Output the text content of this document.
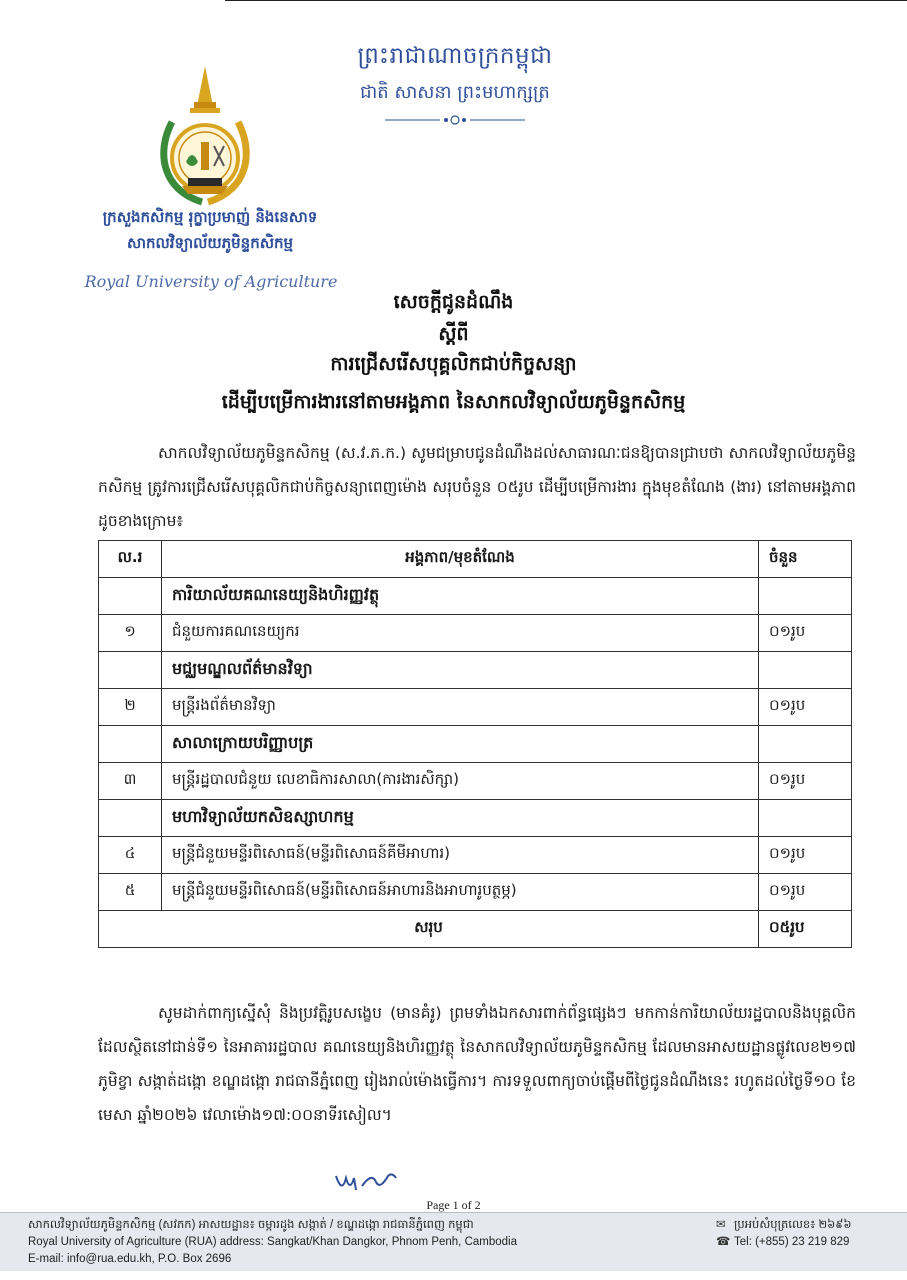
ព្រះរាជាណាចក្រកម្ពុជា
ជាតិ សាសនា ព្រះមហាក្សត្រ
ក្រសួងកសិកម្ម រុក្ខាប្រមាញ់ និងនេសាទ
សាកលវិទ្យាល័យភូមិន្ទកសិកម្ម
Royal University of Agriculture
សេចក្តីជូនដំណឹង
ស្តីពី
ការជ្រើសរើសបុគ្គលិកជាប់កិច្ចសន្យា
ដើម្បីបម្រើការងារនៅតាមអង្គភាព នៃសាកលវិទ្យាល័យភូមិន្ទកសិកម្ម
សាកលវិទ្យាល័យភូមិន្ទកសិកម្ម (ស.វ.ភ.ក.) សូមជម្រាបជូនដំណឹងដល់សាធារណៈជនឱ្យបានជ្រាបថា សាកលវិទ្យាល័យភូមិន្ទកសិកម្ម ត្រូវការជ្រើសរើសបុគ្គលិកជាប់កិច្ចសន្យាពេញម៉ោង សរុបចំនួន ០៥រូប ដើម្បីបម្រើការងារ ក្នុងមុខតំណែង (ងារ) នៅតាមអង្គភាពដូចខាងក្រោម៖
ល.រ	អង្គភាព/មុខតំណែង	ចំនួន
	ការិយាល័យគណនេយ្យនិងហិរញ្ញវត្ថុ	
១	ជំនួយការគណនេយ្យករ	០១រូប
	មជ្ឈមណ្ឌលព័ត៌មានវិទ្យា	
២	មន្ត្រីរងព័ត៌មានវិទ្យា	០១រូប
	សាលាក្រោយបរិញ្ញាបត្រ	
៣	មន្ត្រីរដ្ឋបាលជំនួយ លេខាធិការសាលា(ការងារសិក្សា)	០១រូប
	មហាវិទ្យាល័យកសិឧស្សាហកម្ម	
៤	មន្ត្រីជំនួយមន្ទីរពិសោធន៍(មន្ទីរពិសោធន៍គីមីអាហារ)	០១រូប
៥	មន្ត្រីជំនួយមន្ទីរពិសោធន៍(មន្ទីរពិសោធន៍អាហារនិងអាហារូបត្ថម្ភ)	០១រូប
សរុប		០៥រូប
សូមដាក់ពាក្យស្នើសុំ និងប្រវត្តិរូបសង្ខេប (មានគំរូ) ព្រមទាំងឯកសារពាក់ព័ន្ធផ្សេងៗ មកកាន់ការិយាល័យរដ្ឋបាលនិងបុគ្គលិក ដែលស្ថិតនៅជាន់ទី១ នៃអាគាររដ្ឋបាល គណនេយ្យនិងហិរញ្ញវត្ថុ នៃសាកលវិទ្យាល័យភូមិន្ទកសិកម្ម ដែលមានអាសយដ្ឋានផ្លូវលេខ២១៧ ភូមិខ្វា សង្កាត់ដង្កោ ខណ្ឌដង្កោ រាជធានីភ្នំពេញ រៀងរាល់ម៉ោងធ្វើការ។ ការទទួលពាក្យចាប់ផ្តើមពីថ្ងៃជូនដំណឹងនេះ រហូតដល់ថ្ងៃទី១០ ខែមេសា ឆ្នាំ២០២៦ វេលាម៉ោង១៧:០០នាទីរសៀល។
Page 1 of 2
សាកលវិទ្យាល័យភូមិន្ទកសិកម្ម (សវភក) អាសយដ្ឋាន៖ ចម្ការដូង សង្កាត់ / ខណ្ឌដង្កោ រាជធានីភ្នំពេញ កម្ពុជា
Royal University of Agriculture (RUA) address: Sangkat/Khan Dangkor, Phnom Penh, Cambodia
E-mail: info@rua.edu.kh, P.O. Box 2696
✉ ប្រអប់សំបុត្រលេខ៖ ២៦៩៦
☎ Tel: (+855) 23 219 829
